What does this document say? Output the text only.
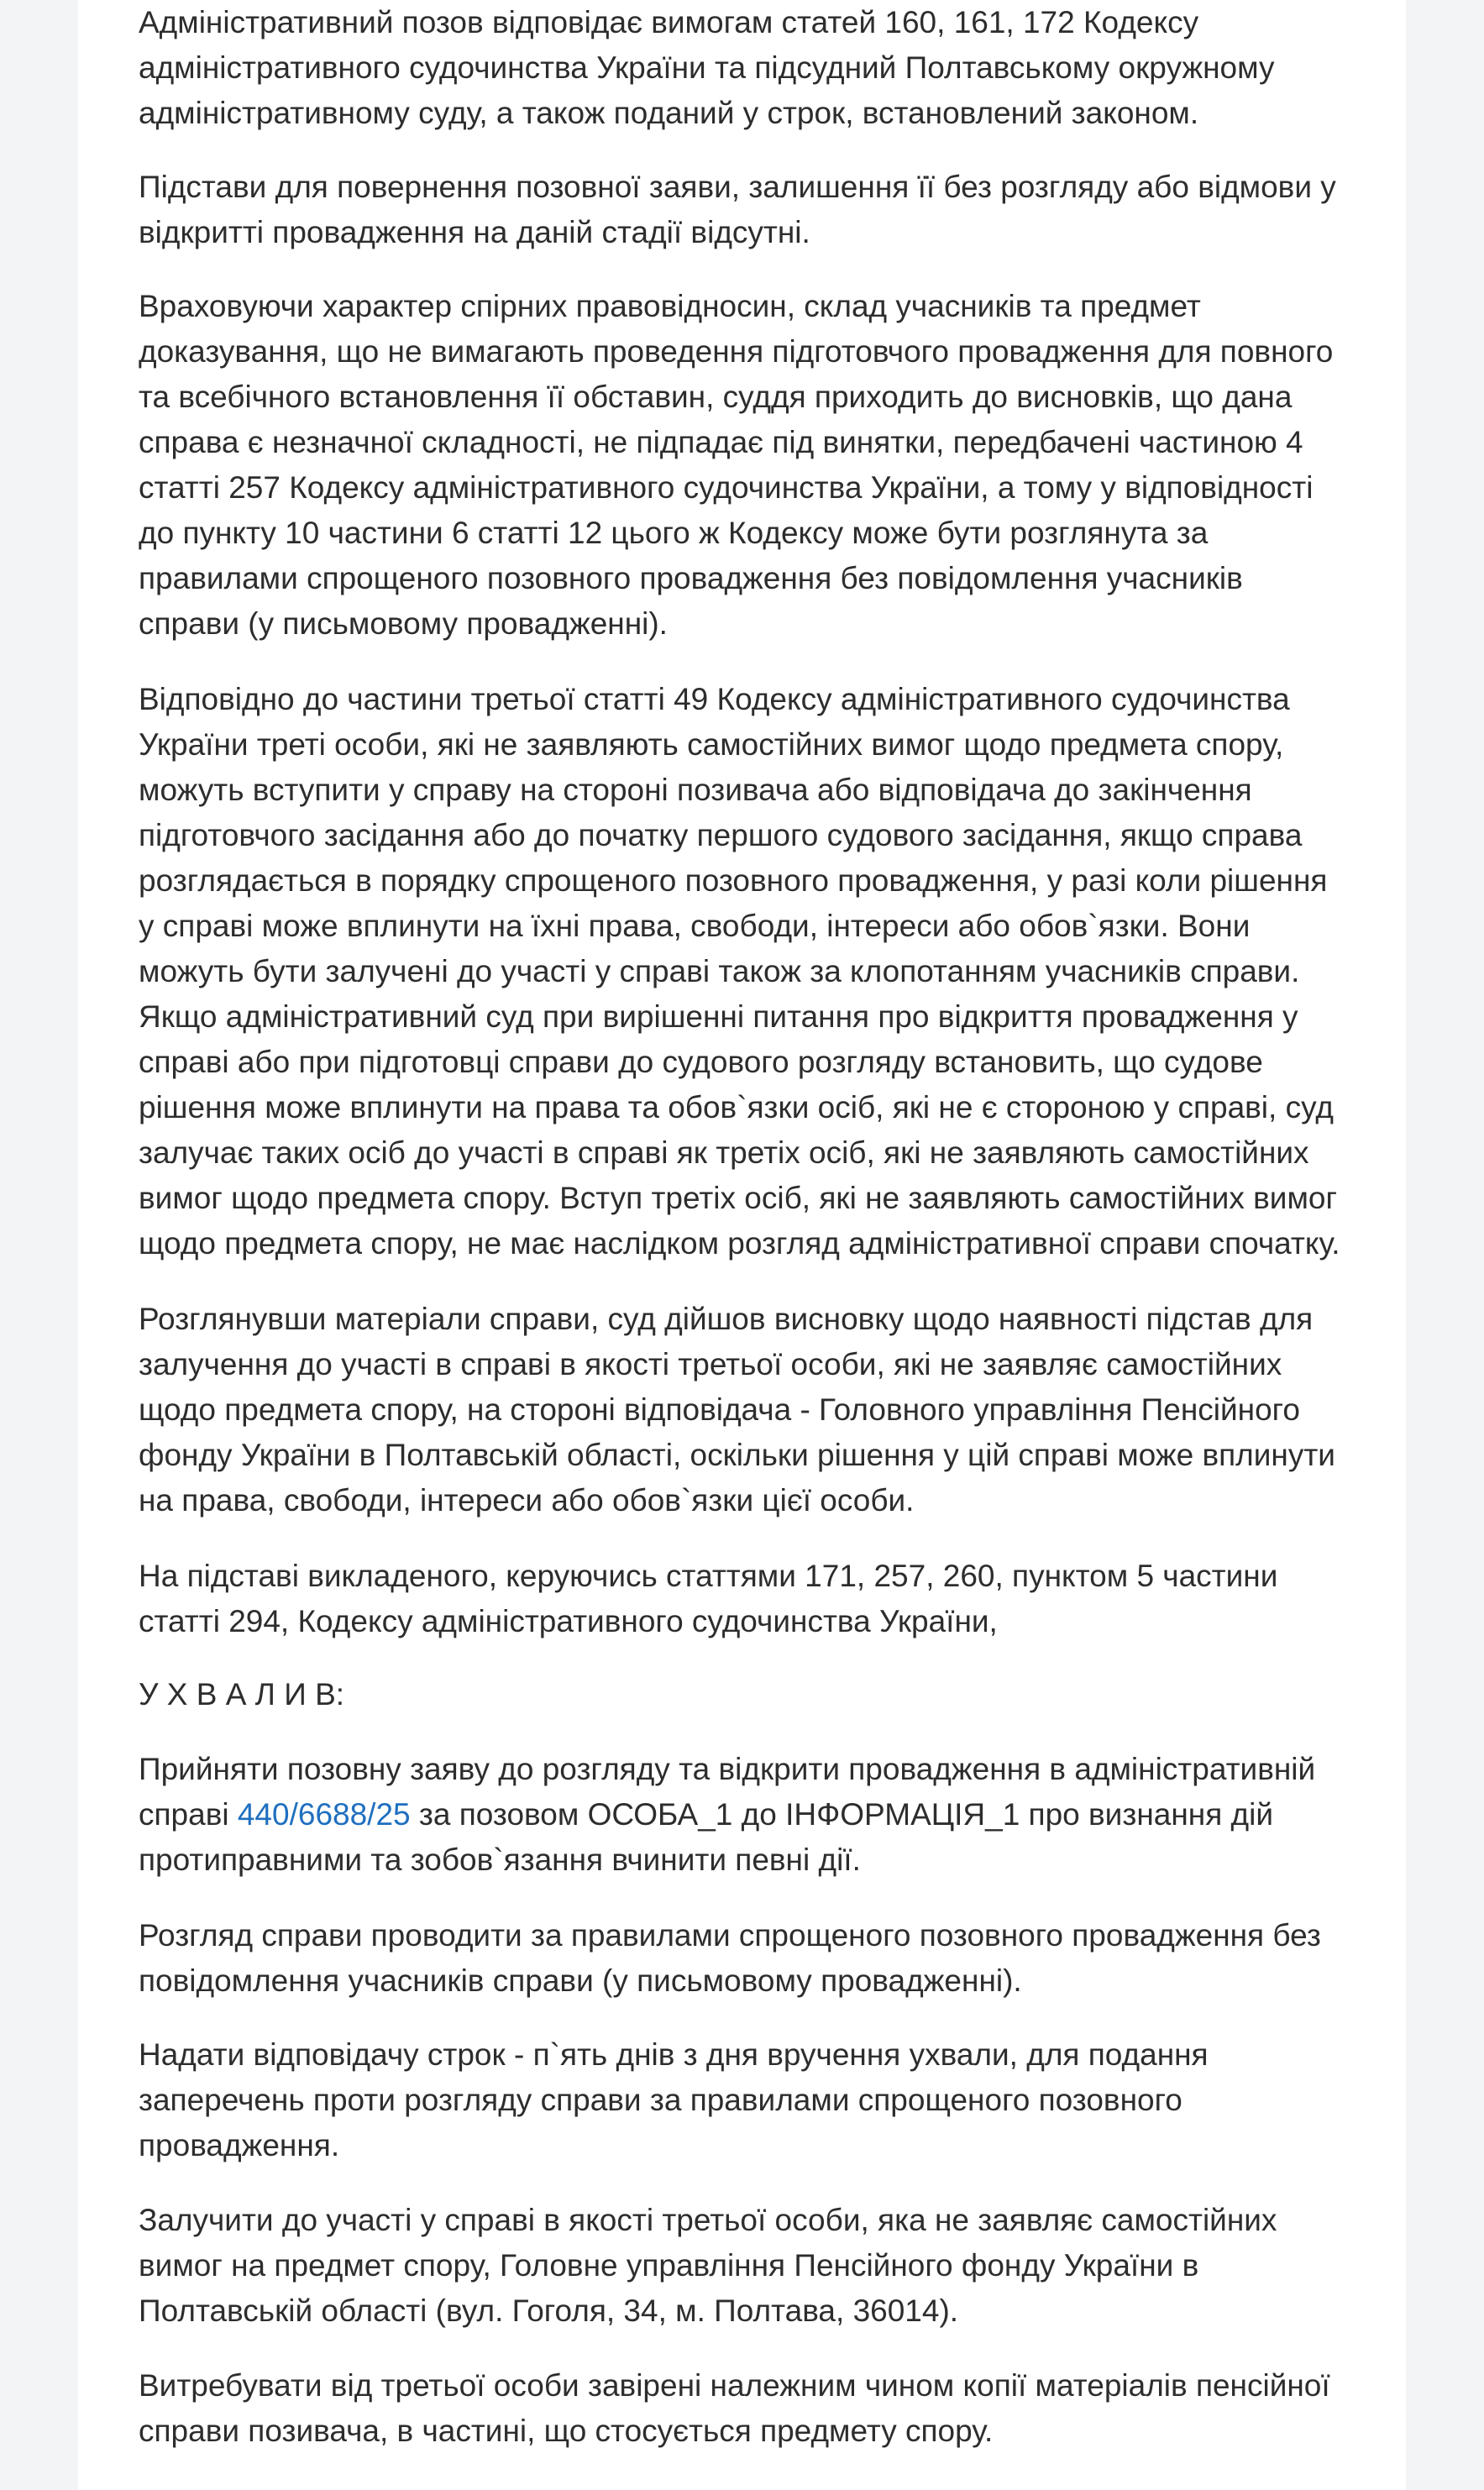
Адміністративний позов відповідає вимогам статей 160, 161, 172 Кодексу адміністративного судочинства України та підсудний Полтавському окружному адміністративному суду, а також поданий у строк, встановлений законом.

Підстави для повернення позовної заяви, залишення її без розгляду або відмови у відкритті провадження на даній стадії відсутні.

Враховуючи характер спірних правовідносин, склад учасників та предмет доказування, що не вимагають проведення підготовчого провадження для повного та всебічного встановлення її обставин, суддя приходить до висновків, що дана справа є незначної складності, не підпадає під винятки, передбачені частиною 4 статті 257 Кодексу адміністративного судочинства України, а тому у відповідності до пункту 10 частини 6 статті 12 цього ж Кодексу може бути розглянута за правилами спрощеного позовного провадження без повідомлення учасників справи (у письмовому провадженні).

Відповідно до частини третьої статті 49 Кодексу адміністративного судочинства України треті особи, які не заявляють самостійних вимог щодо предмета спору, можуть вступити у справу на стороні позивача або відповідача до закінчення підготовчого засідання або до початку першого судового засідання, якщо справа розглядається в порядку спрощеного позовного провадження, у разі коли рішення у справі може вплинути на їхні права, свободи, інтереси або обов`язки. Вони можуть бути залучені до участі у справі також за клопотанням учасників справи. Якщо адміністративний суд при вирішенні питання про відкриття провадження у справі або при підготовці справи до судового розгляду встановить, що судове рішення може вплинути на права та обов`язки осіб, які не є стороною у справі, суд залучає таких осіб до участі в справі як третіх осіб, які не заявляють самостійних вимог щодо предмета спору. Вступ третіх осіб, які не заявляють самостійних вимог щодо предмета спору, не має наслідком розгляд адміністративної справи спочатку.

Розглянувши матеріали справи, суд дійшов висновку щодо наявності підстав для залучення до участі в справі в якості третьої особи, які не заявляє самостійних щодо предмета спору, на стороні відповідача - Головного управління Пенсійного фонду України в Полтавській області, оскільки рішення у цій справі може вплинути на права, свободи, інтереси або обов`язки цієї особи.

На підставі викладеного, керуючись статтями 171, 257, 260, пунктом 5 частини статті 294, Кодексу адміністративного судочинства України,

У Х В А Л И В:

Прийняти позовну заяву до розгляду та відкрити провадження в адміністративній справі 440/6688/25 за позовом ОСОБА_1 до ІНФОРМАЦІЯ_1 про визнання дій протиправними та зобов`язання вчинити певні дії.

Розгляд справи проводити за правилами спрощеного позовного провадження без повідомлення учасників справи (у письмовому провадженні).

Надати відповідачу строк - п`ять днів з дня вручення ухвали, для подання заперечень проти розгляду справи за правилами спрощеного позовного провадження.

Залучити до участі у справі в якості третьої особи, яка не заявляє самостійних вимог на предмет спору, Головне управління Пенсійного фонду України в Полтавській області (вул. Гоголя, 34, м. Полтава, 36014).

Витребувати від третьої особи завірені належним чином копії матеріалів пенсійної справи позивача, в частині, що стосується предмету спору.
